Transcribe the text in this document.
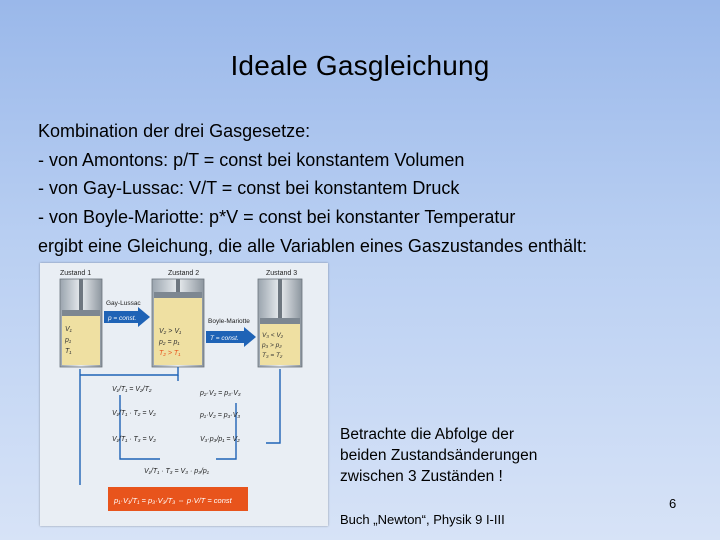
Ideale Gasgleichung
Kombination der drei Gasgesetze:
- von Amontons: p/T = const bei konstantem Volumen
- von Gay-Lussac: V/T = const bei konstantem Druck
- von Boyle-Mariotte: p*V = const bei konstanter Temperatur
ergibt eine Gleichung, die alle Variablen eines Gaszustandes enthält:
Zustand 1	Zustand 2	Zustand 3
V₁
p₁
T₁
V₂ > V₁
p₂ = p₁
T₂ > T₁
V₃ < V₂
p₃ > p₂
T₃ = T₂
Gay-Lussac
p = const.	Boyle-Mariotte
T = const.
V₁/T₁ = V₂/T₂
V₁/T₁ · T₂ = V₂
V₁/T₁ · T₃ = V₂
p₂·V₂ = p₃·V₃
p₁·V₂ = p₃·V₃
V₃·p₃/p₁ = V₂
V₁/T₁ · T₃ = V₃ · p₃/p₁
p₁·V₁/T₁ = p₃·V₃/T₃ ⇔ p·V/T = const
Betrachte die Abfolge der
beiden Zustandsänderungen
zwischen 3 Zuständen !
6
Buch „Newton“, Physik 9 I-III
